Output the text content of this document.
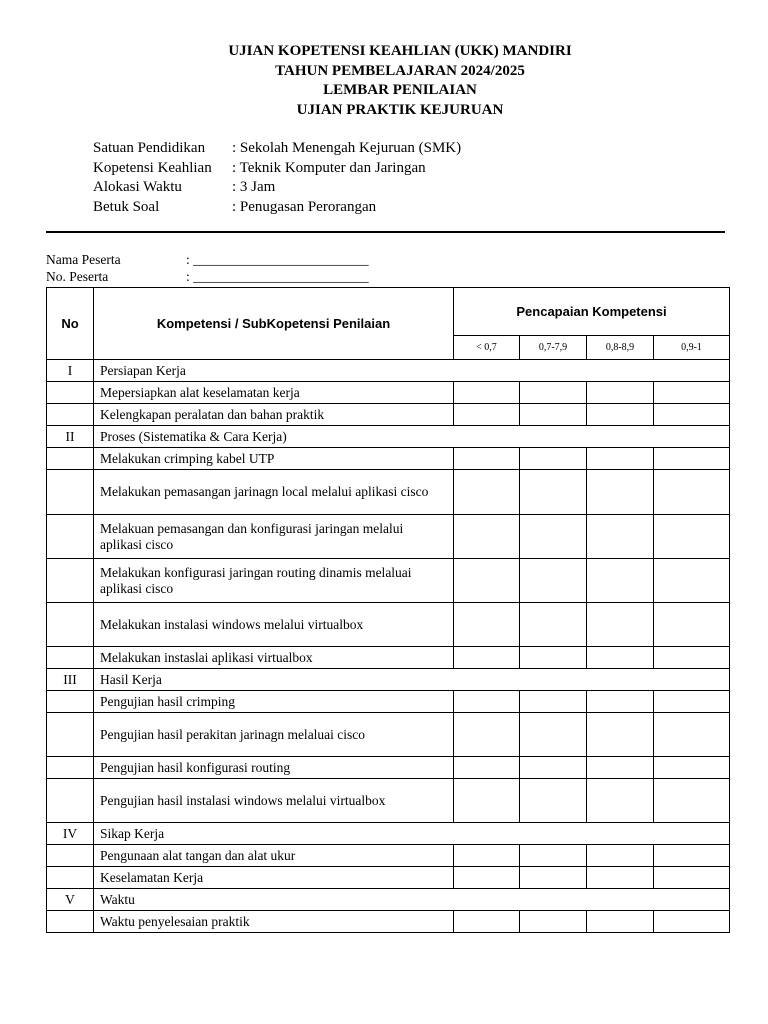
UJIAN KOPETENSI KEAHLIAN (UKK) MANDIRI
TAHUN PEMBELAJARAN 2024/2025
LEMBAR PENILAIAN
UJIAN PRAKTIK KEJURUAN
Satuan Pendidikan	: Sekolah Menengah Kejuruan (SMK)
Kopetensi Keahlian	: Teknik Komputer dan Jaringan
Alokasi Waktu	: 3 Jam
Betuk Soal	: Penugasan Perorangan
Nama Peserta	: __________________________
No. Peserta	: __________________________
No	Kompetensi / SubKopetensi Penilaian	Pencapaian Kompetensi			
		< 0,7	0,7-7,9	0,8-8,9	0,9-1
I	Persiapan Kerja				
	Mepersiapkan alat keselamatan kerja				
	Kelengkapan peralatan dan bahan praktik				
II	Proses (Sistematika & Cara Kerja)				
	Melakukan crimping kabel UTP				
	Melakukan pemasangan jarinagn local melalui aplikasi cisco				
	Melakuan pemasangan dan konfigurasi jaringan melalui aplikasi cisco				
	Melakukan konfigurasi jaringan routing dinamis melaluai aplikasi cisco				
	Melakukan instalasi windows melalui virtualbox				
	Melakukan instaslai aplikasi virtualbox				
III	Hasil Kerja				
	Pengujian hasil crimping				
	Pengujian hasil perakitan jarinagn melaluai cisco				
	Pengujian hasil konfigurasi routing				
	Pengujian hasil instalasi windows melalui virtualbox				
IV	Sikap Kerja				
	Pengunaan alat tangan dan alat ukur				
	Keselamatan Kerja				
V	Waktu				
	Waktu penyelesaian praktik				
